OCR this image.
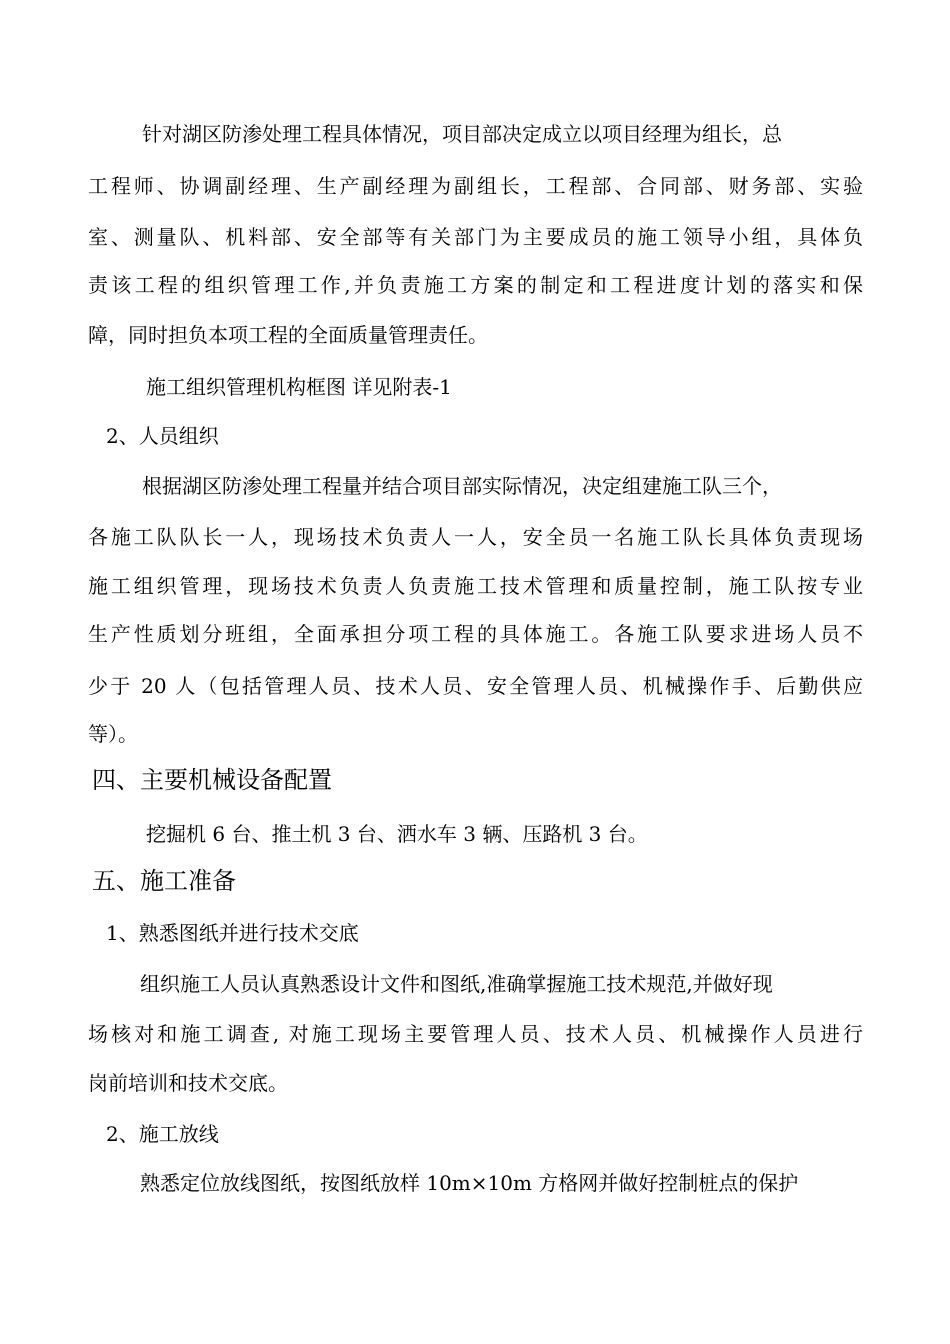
针对湖区防渗处理工程具体情况，项目部决定成立以项目经理为组长，总
工程师、协调副经理、生产副经理为副组长，工程部、合同部、财务部、实验
室、测量队、机料部、安全部等有关部门为主要成员的施工领导小组，具体负
责该工程的组织管理工作,并负责施工方案的制定和工程进度计划的落实和保
障，同时担负本项工程的全面质量管理责任。
施工组织管理机构框图 详见附表-1
2、人员组织
根据湖区防渗处理工程量并结合项目部实际情况，决定组建施工队三个，
各施工队队长一人，现场技术负责人一人，安全员一名施工队长具体负责现场
施工组织管理，现场技术负责人负责施工技术管理和质量控制，施工队按专业
生产性质划分班组，全面承担分项工程的具体施工。各施工队要求进场人员不
少于 20 人（包括管理人员、技术人员、安全管理人员、机械操作手、后勤供应
等）。
四、主要机械设备配置
挖掘机 6 台、推土机 3 台、洒水车 3 辆、压路机 3 台。
五、施工准备
1、熟悉图纸并进行技术交底
组织施工人员认真熟悉设计文件和图纸,准确掌握施工技术规范,并做好现
场核对和施工调查, 对施工现场主要管理人员、技术人员、机械操作人员进行
岗前培训和技术交底。
2、施工放线
熟悉定位放线图纸，按图纸放样 10m×10m 方格网并做好控制桩点的保护
